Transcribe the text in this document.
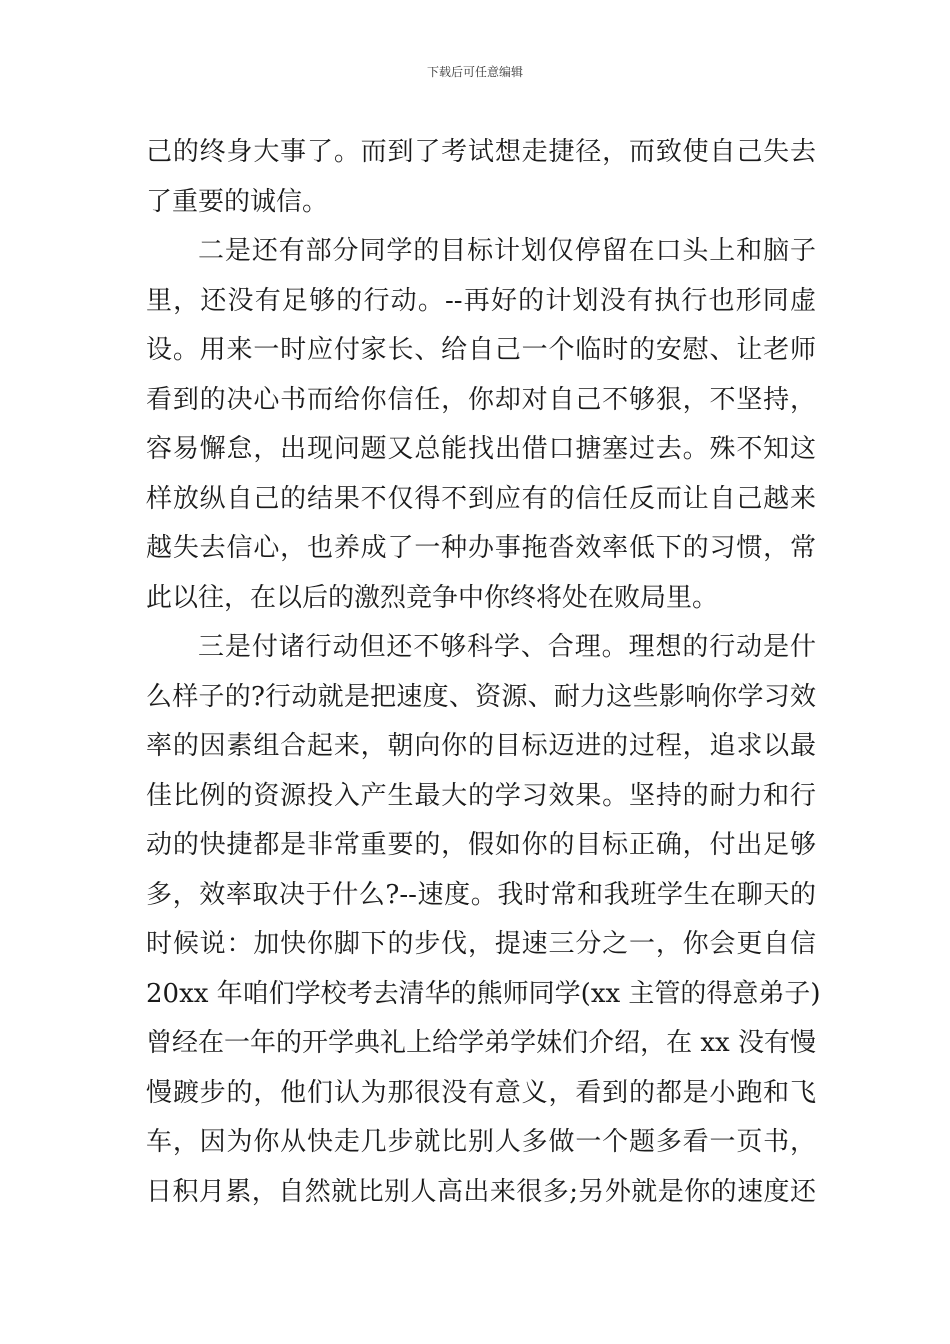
下载后可任意编辑
己的终身大事了。而到了考试想走捷径，而致使自己失去
了重要的诚信。
二是还有部分同学的目标计划仅停留在口头上和脑子
里，还没有足够的行动。--再好的计划没有执行也形同虚
设。用来一时应付家长、给自己一个临时的安慰、让老师
看到的决心书而给你信任，你却对自己不够狠，不坚持，
容易懈怠，出现问题又总能找出借口搪塞过去。殊不知这
样放纵自己的结果不仅得不到应有的信任反而让自己越来
越失去信心，也养成了一种办事拖沓效率低下的习惯，常
此以往，在以后的激烈竞争中你终将处在败局里。
三是付诸行动但还不够科学、合理。理想的行动是什
么样子的?行动就是把速度、资源、耐力这些影响你学习效
率的因素组合起来，朝向你的目标迈进的过程，追求以最
佳比例的资源投入产生最大的学习效果。坚持的耐力和行
动的快捷都是非常重要的，假如你的目标正确，付出足够
多，效率取决于什么?--速度。我时常和我班学生在聊天的
时候说：加快你脚下的步伐，提速三分之一，你会更自信
20xx 年咱们学校考去清华的熊师同学(xx 主管的得意弟子)
曾经在一年的开学典礼上给学弟学妹们介绍，在 xx 没有慢
慢踱步的，他们认为那很没有意义，看到的都是小跑和飞
车，因为你从快走几步就比别人多做一个题多看一页书，
日积月累，自然就比别人高出来很多;另外就是你的速度还
